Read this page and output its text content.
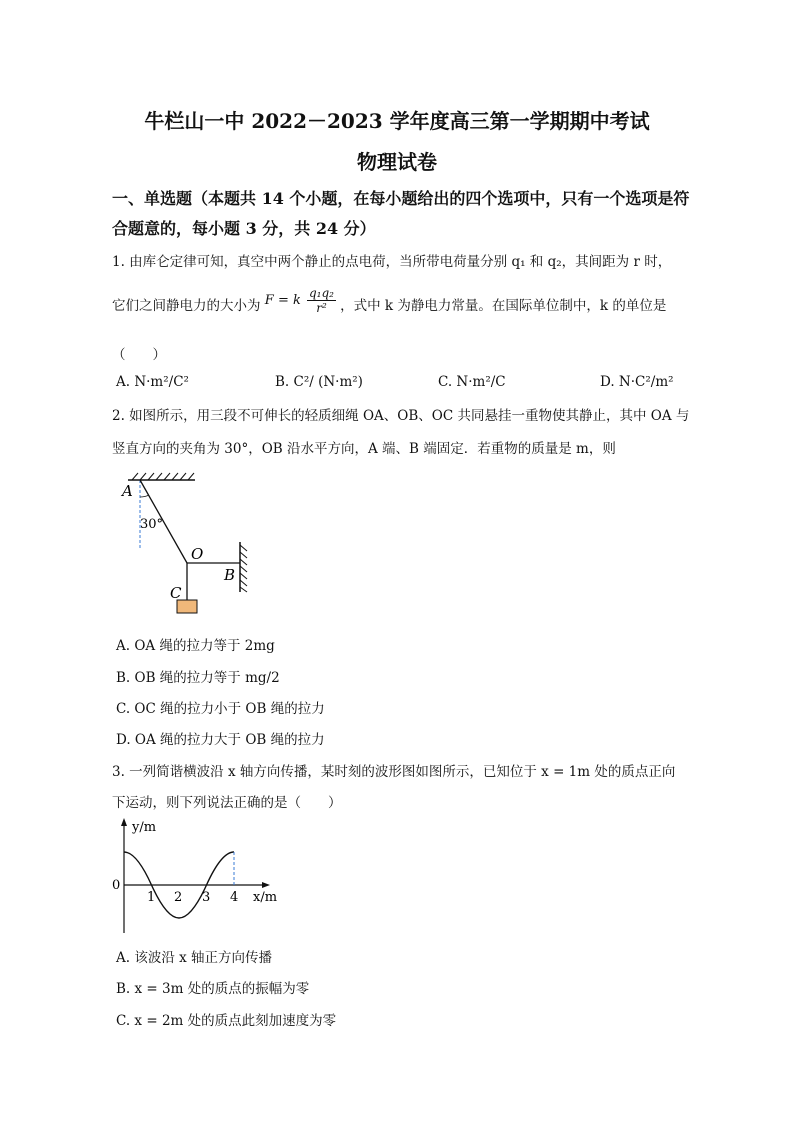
牛栏山一中 2022－2023 学年度高三第一学期期中考试
物理试卷
一、单选题（本题共 14 个小题，在每小题给出的四个选项中，只有一个选项是符
合题意的，每小题 3 分，共 24 分）
1. 由库仑定律可知，真空中两个静止的点电荷，当所带电荷量分别 q₁ 和 q₂，其间距为 r 时，
它们之间静电力的大小为 F = k $\frac{\text{q₁q₂}}{\text{r²}}$ ，式中 k 为静电力常量。在国际单位制中，k 的单位是
（　　）
A. N·m²/C²	B. C²/ (N·m²)	C. N·m²/C	D. N·C²/m²
2. 如图所示，用三段不可伸长的轻质细绳 OA、OB、OC 共同悬挂一重物使其静止，其中 OA 与
竖直方向的夹角为 30°，OB 沿水平方向，A 端、B 端固定．若重物的质量是 m，则
A
30°
O
B
C
A. OA 绳的拉力等于 2mg
B. OB 绳的拉力等于 mg/2
C. OC 绳的拉力小于 OB 绳的拉力
D. OA 绳的拉力大于 OB 绳的拉力
3. 一列简谐横波沿 x 轴方向传播，某时刻的波形图如图所示，已知位于 x = 1m 处的质点正向
下运动，则下列说法正确的是（　　）
y/m
x/m
0
1 2 3 4
A. 该波沿 x 轴正方向传播
B. x = 3m 处的质点的振幅为零
C. x = 2m 处的质点此刻加速度为零
